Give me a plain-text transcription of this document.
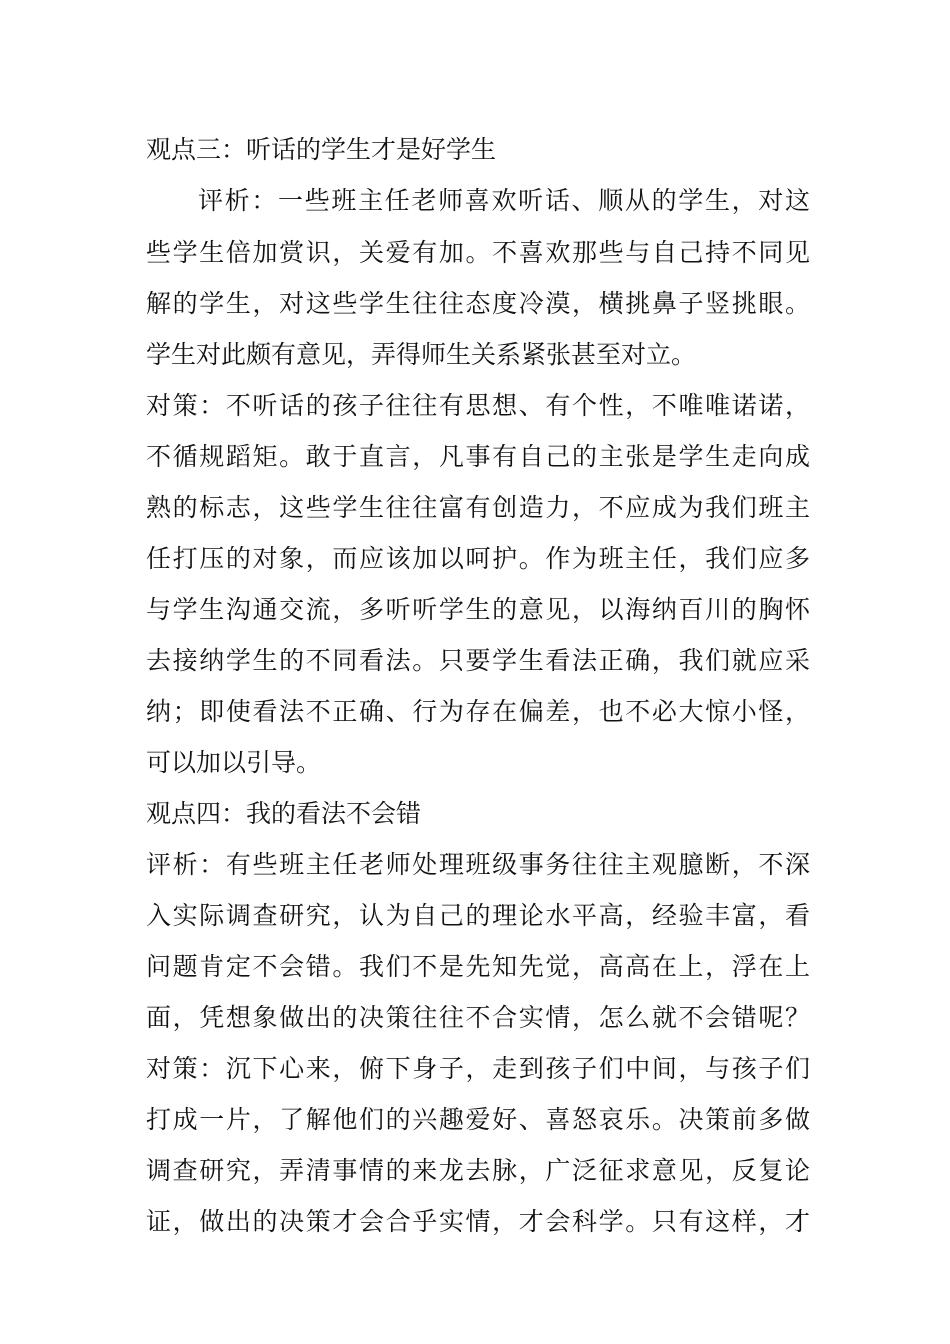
观点三：听话的学生才是好学生
评析：一些班主任老师喜欢听话、顺从的学生，对这
些学生倍加赏识，关爱有加。不喜欢那些与自己持不同见
解的学生，对这些学生往往态度冷漠，横挑鼻子竖挑眼。
学生对此颇有意见，弄得师生关系紧张甚至对立。
对策：不听话的孩子往往有思想、有个性，不唯唯诺诺，
不循规蹈矩。敢于直言，凡事有自己的主张是学生走向成
熟的标志，这些学生往往富有创造力，不应成为我们班主
任打压的对象，而应该加以呵护。作为班主任，我们应多
与学生沟通交流，多听听学生的意见，以海纳百川的胸怀
去接纳学生的不同看法。只要学生看法正确，我们就应采
纳；即使看法不正确、行为存在偏差，也不必大惊小怪，
可以加以引导。
观点四：我的看法不会错
评析：有些班主任老师处理班级事务往往主观臆断，不深
入实际调查研究，认为自己的理论水平高，经验丰富，看
问题肯定不会错。我们不是先知先觉，高高在上，浮在上
面，凭想象做出的决策往往不合实情，怎么就不会错呢？
对策：沉下心来，俯下身子，走到孩子们中间，与孩子们
打成一片，了解他们的兴趣爱好、喜怒哀乐。决策前多做
调查研究，弄清事情的来龙去脉，广泛征求意见，反复论
证，做出的决策才会合乎实情，才会科学。只有这样，才
